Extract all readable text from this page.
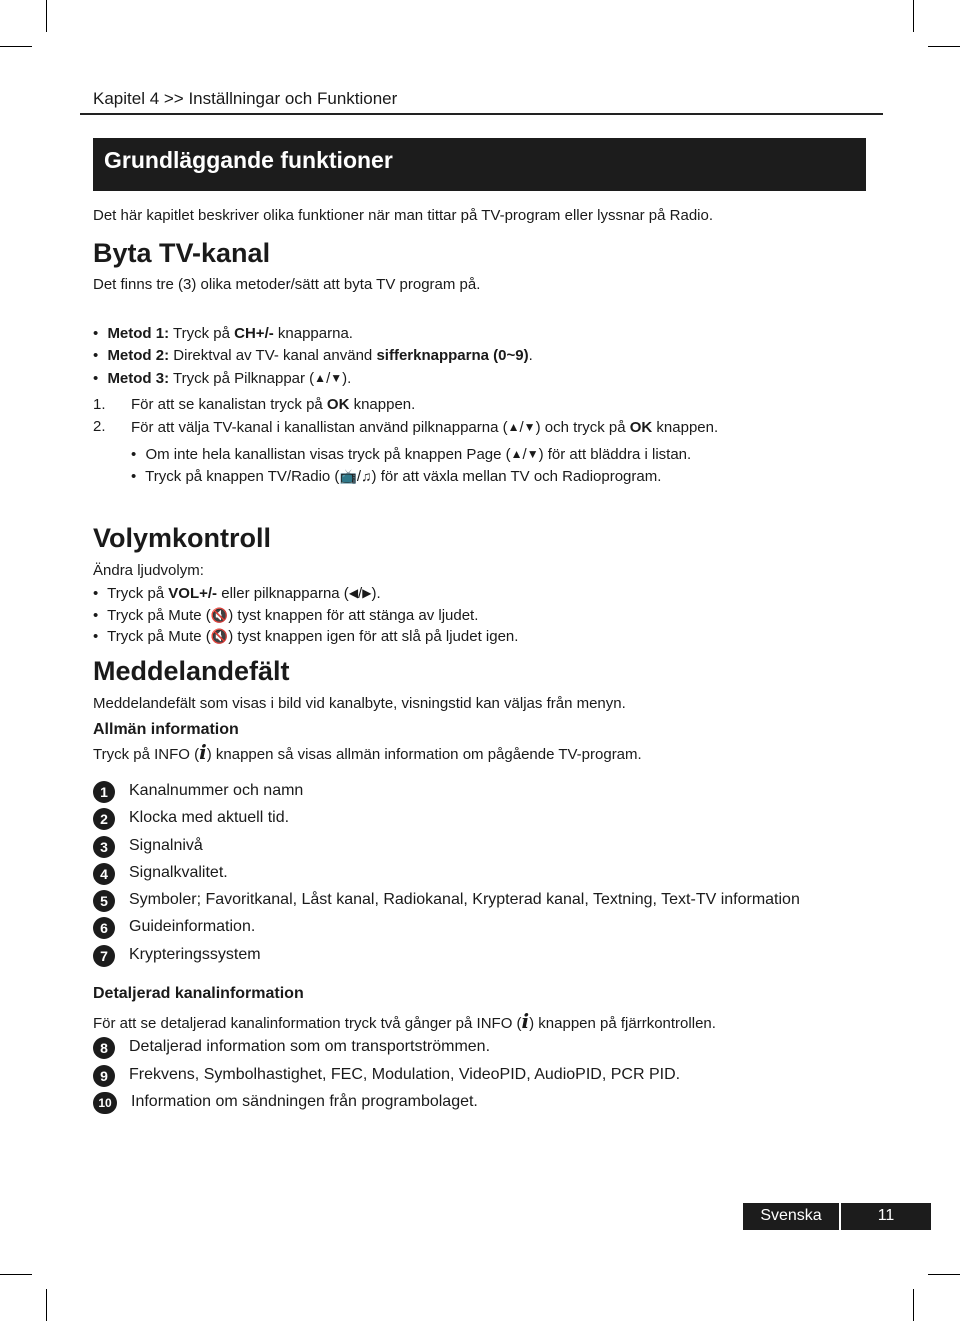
Kapitel 4 >> Inställningar och Funktioner
Grundläggande funktioner
Det här kapitlet beskriver olika funktioner när man tittar på TV-program eller lyssnar på Radio.
Byta TV-kanal
Det finns tre (3) olika metoder/sätt att byta TV program på.
• Metod 1: Tryck på CH+/- knapparna.
• Metod 2: Direktval av TV- kanal använd sifferknapparna (0~9).
• Metod 3: Tryck på Pilknappar (▲/▼).
1. För att se kanalistan tryck på OK knappen.
2. För att välja TV-kanal i kanallistan använd pilknapparna (▲/▼) och tryck på OK knappen.
• Om inte hela kanallistan visas tryck på knappen Page (▲/▼) för att bläddra i listan.
• Tryck på knappen TV/Radio (📺/♫) för att växla mellan TV och Radioprogram.
Volymkontroll
Ändra ljudvolym:
• Tryck på VOL+/- eller pilknapparna (◀/▶).
• Tryck på Mute (🔇) tyst knappen för att stänga av ljudet.
• Tryck på Mute (🔇) tyst knappen igen för att slå på ljudet igen.
Meddelandefält
Meddelandefält som visas i bild vid kanalbyte, visningstid kan väljas från menyn.
Allmän information
Tryck på INFO (i) knappen så visas allmän information om pågående TV-program.
1	Kanalnummer och namn
2	Klocka med aktuell tid.
3	Signalnivå
4	Signalkvalitet.
5	Symboler; Favoritkanal, Låst kanal, Radiokanal, Krypterad kanal, Textning, Text-TV information
6	Guideinformation.
7	Krypteringssystem
Detaljerad kanalinformation
För att se detaljerad kanalinformation tryck två gånger på INFO (i) knappen på fjärrkontrollen.
8	Detaljerad information som om transportströmmen.
9	Frekvens, Symbolhastighet, FEC, Modulation, VideoPID, AudioPID, PCR PID.
10	Information om sändningen från programbolaget.
Svenska	11
